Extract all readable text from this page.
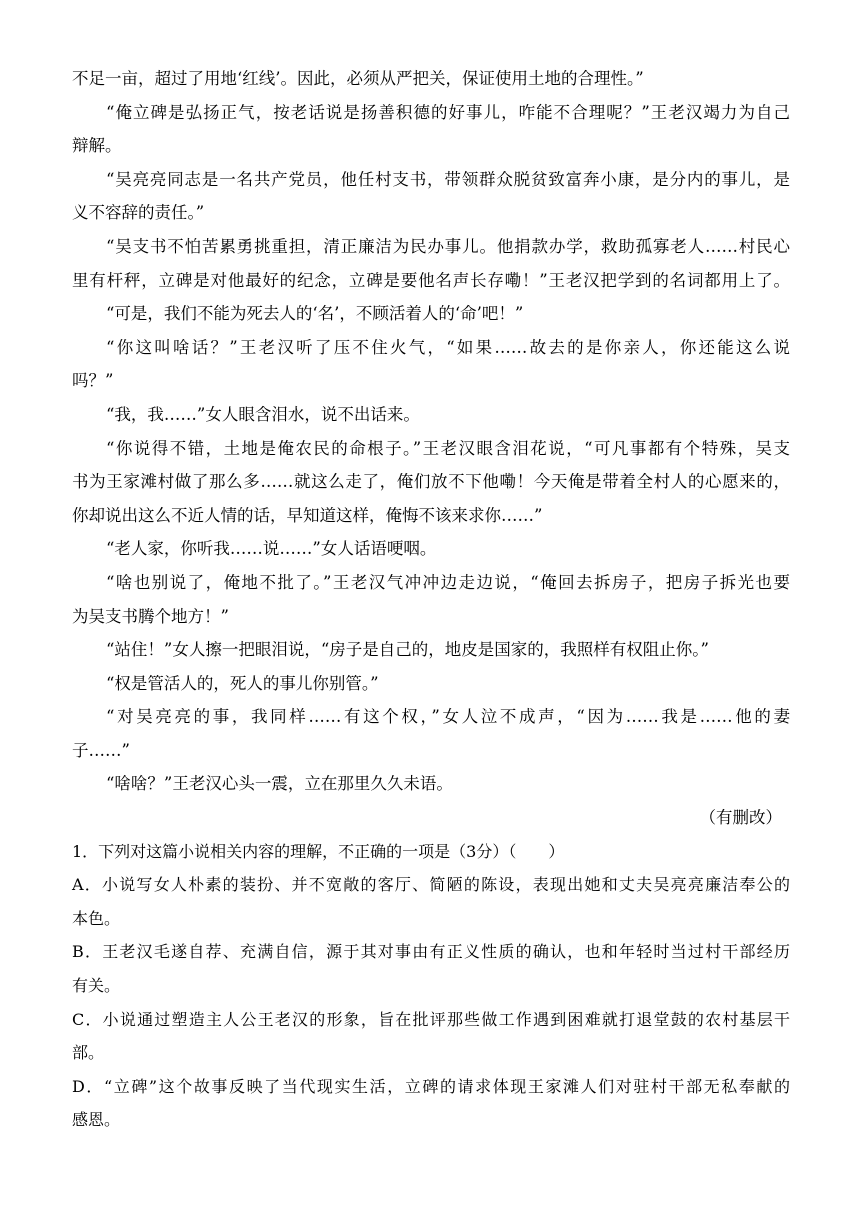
不足一亩，超过了用地‘红线’。因此，必须从严把关，保证使用土地的合理性。”
“俺立碑是弘扬正气，按老话说是扬善积德的好事儿，咋能不合理呢？”王老汉竭力为自己
辩解。
“吴亮亮同志是一名共产党员，他任村支书，带领群众脱贫致富奔小康，是分内的事儿，是
义不容辞的责任。”
“吴支书不怕苦累勇挑重担，清正廉洁为民办事儿。他捐款办学，救助孤寡老人……村民心
里有杆秤，立碑是对他最好的纪念，立碑是要他名声长存嘞！”王老汉把学到的名词都用上了。
“可是，我们不能为死去人的‘名’，不顾活着人的‘命’吧！”
“你这叫啥话？”王老汉听了压不住火气，“如果……故去的是你亲人，你还能这么说
吗？”
“我，我……”女人眼含泪水，说不出话来。
“你说得不错，土地是俺农民的命根子。”王老汉眼含泪花说，“可凡事都有个特殊，吴支
书为王家滩村做了那么多……就这么走了，俺们放不下他嘞！今天俺是带着全村人的心愿来的，
你却说出这么不近人情的话，早知道这样，俺悔不该来求你……”
“老人家，你听我……说……”女人话语哽咽。
“啥也别说了，俺地不批了。”王老汉气冲冲边走边说，“俺回去拆房子，把房子拆光也要
为吴支书腾个地方！”
“站住！”女人擦一把眼泪说，“房子是自己的，地皮是国家的，我照样有权阻止你。”
“权是管活人的，死人的事儿你别管。”
“对吴亮亮的事，我同样……有这个权，”女人泣不成声，“因为……我是……他的妻
子……”
“啥啥？”王老汉心头一震，立在那里久久未语。
（有删改）
1．下列对这篇小说相关内容的理解，不正确的一项是（3分）（　　）
A．小说写女人朴素的装扮、并不宽敞的客厅、简陋的陈设，表现出她和丈夫吴亮亮廉洁奉公的
本色。
B．王老汉毛遂自荐、充满自信，源于其对事由有正义性质的确认，也和年轻时当过村干部经历
有关。
C．小说通过塑造主人公王老汉的形象，旨在批评那些做工作遇到困难就打退堂鼓的农村基层干
部。
D．“立碑”这个故事反映了当代现实生活，立碑的请求体现王家滩人们对驻村干部无私奉献的
感恩。
